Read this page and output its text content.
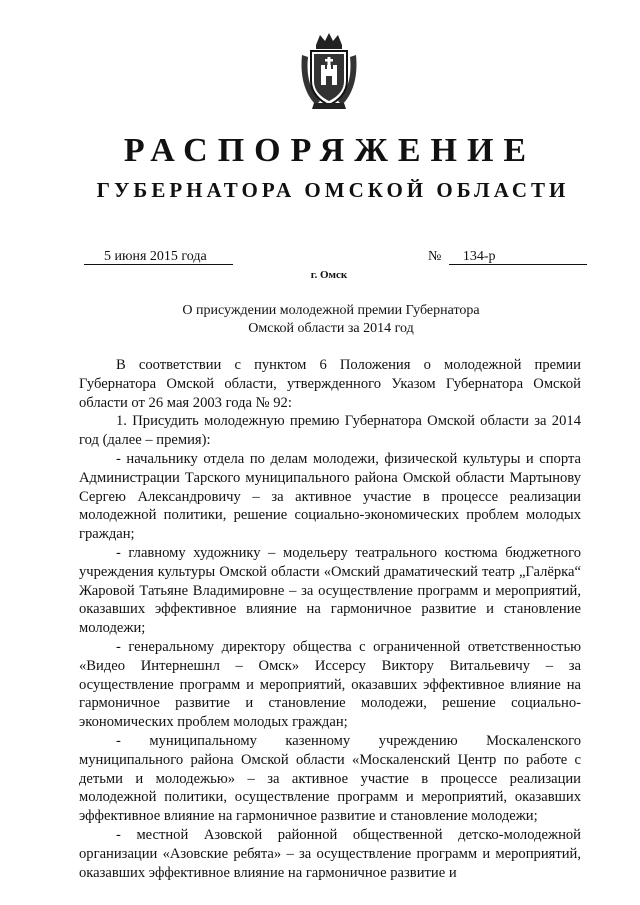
РАСПОРЯЖЕНИЕ
ГУБЕРНАТОРА ОМСКОЙ ОБЛАСТИ
5 июня 2015 года	№ 134-р
г. Омск
О присуждении молодежной премии Губернатора
Омской области за 2014 год

В соответствии с пунктом 6 Положения о молодежной премии Губернатора Омской области, утвержденного Указом Губернатора Омской области от 26 мая 2003 года № 92:

1. Присудить молодежную премию Губернатора Омской области за 2014 год (далее – премия):

- начальнику отдела по делам молодежи, физической культуры и спорта Администрации Тарского муниципального района Омской области Мартынову Сергею Александровичу – за активное участие в процессе реализации молодежной политики, решение социально-экономических проблем молодых граждан;

- главному художнику – модельеру театрального костюма бюджетного учреждения культуры Омской области «Омский драматический театр „Галёрка“ Жаровой Татьяне Владимировне – за осуществление программ и мероприятий, оказавших эффективное влияние на гармоничное развитие и становление молодежи;

- генеральному директору общества с ограниченной ответственностью «Видео Интернешнл – Омск» Иссерсу Виктору Витальевичу – за осуществление программ и мероприятий, оказавших эффективное влияние на гармоничное развитие и становление молодежи, решение социально-экономических проблем молодых граждан;

- муниципальному казенному учреждению Москаленского муниципального района Омской области «Москаленский Центр по работе с детьми и молодежью» – за активное участие в процессе реализации молодежной политики, осуществление программ и мероприятий, оказавших эффективное влияние на гармоничное развитие и становление молодежи;

- местной Азовской районной общественной детско-молодежной организации «Азовские ребята» – за осуществление программ и мероприятий, оказавших эффективное влияние на гармоничное развитие и
